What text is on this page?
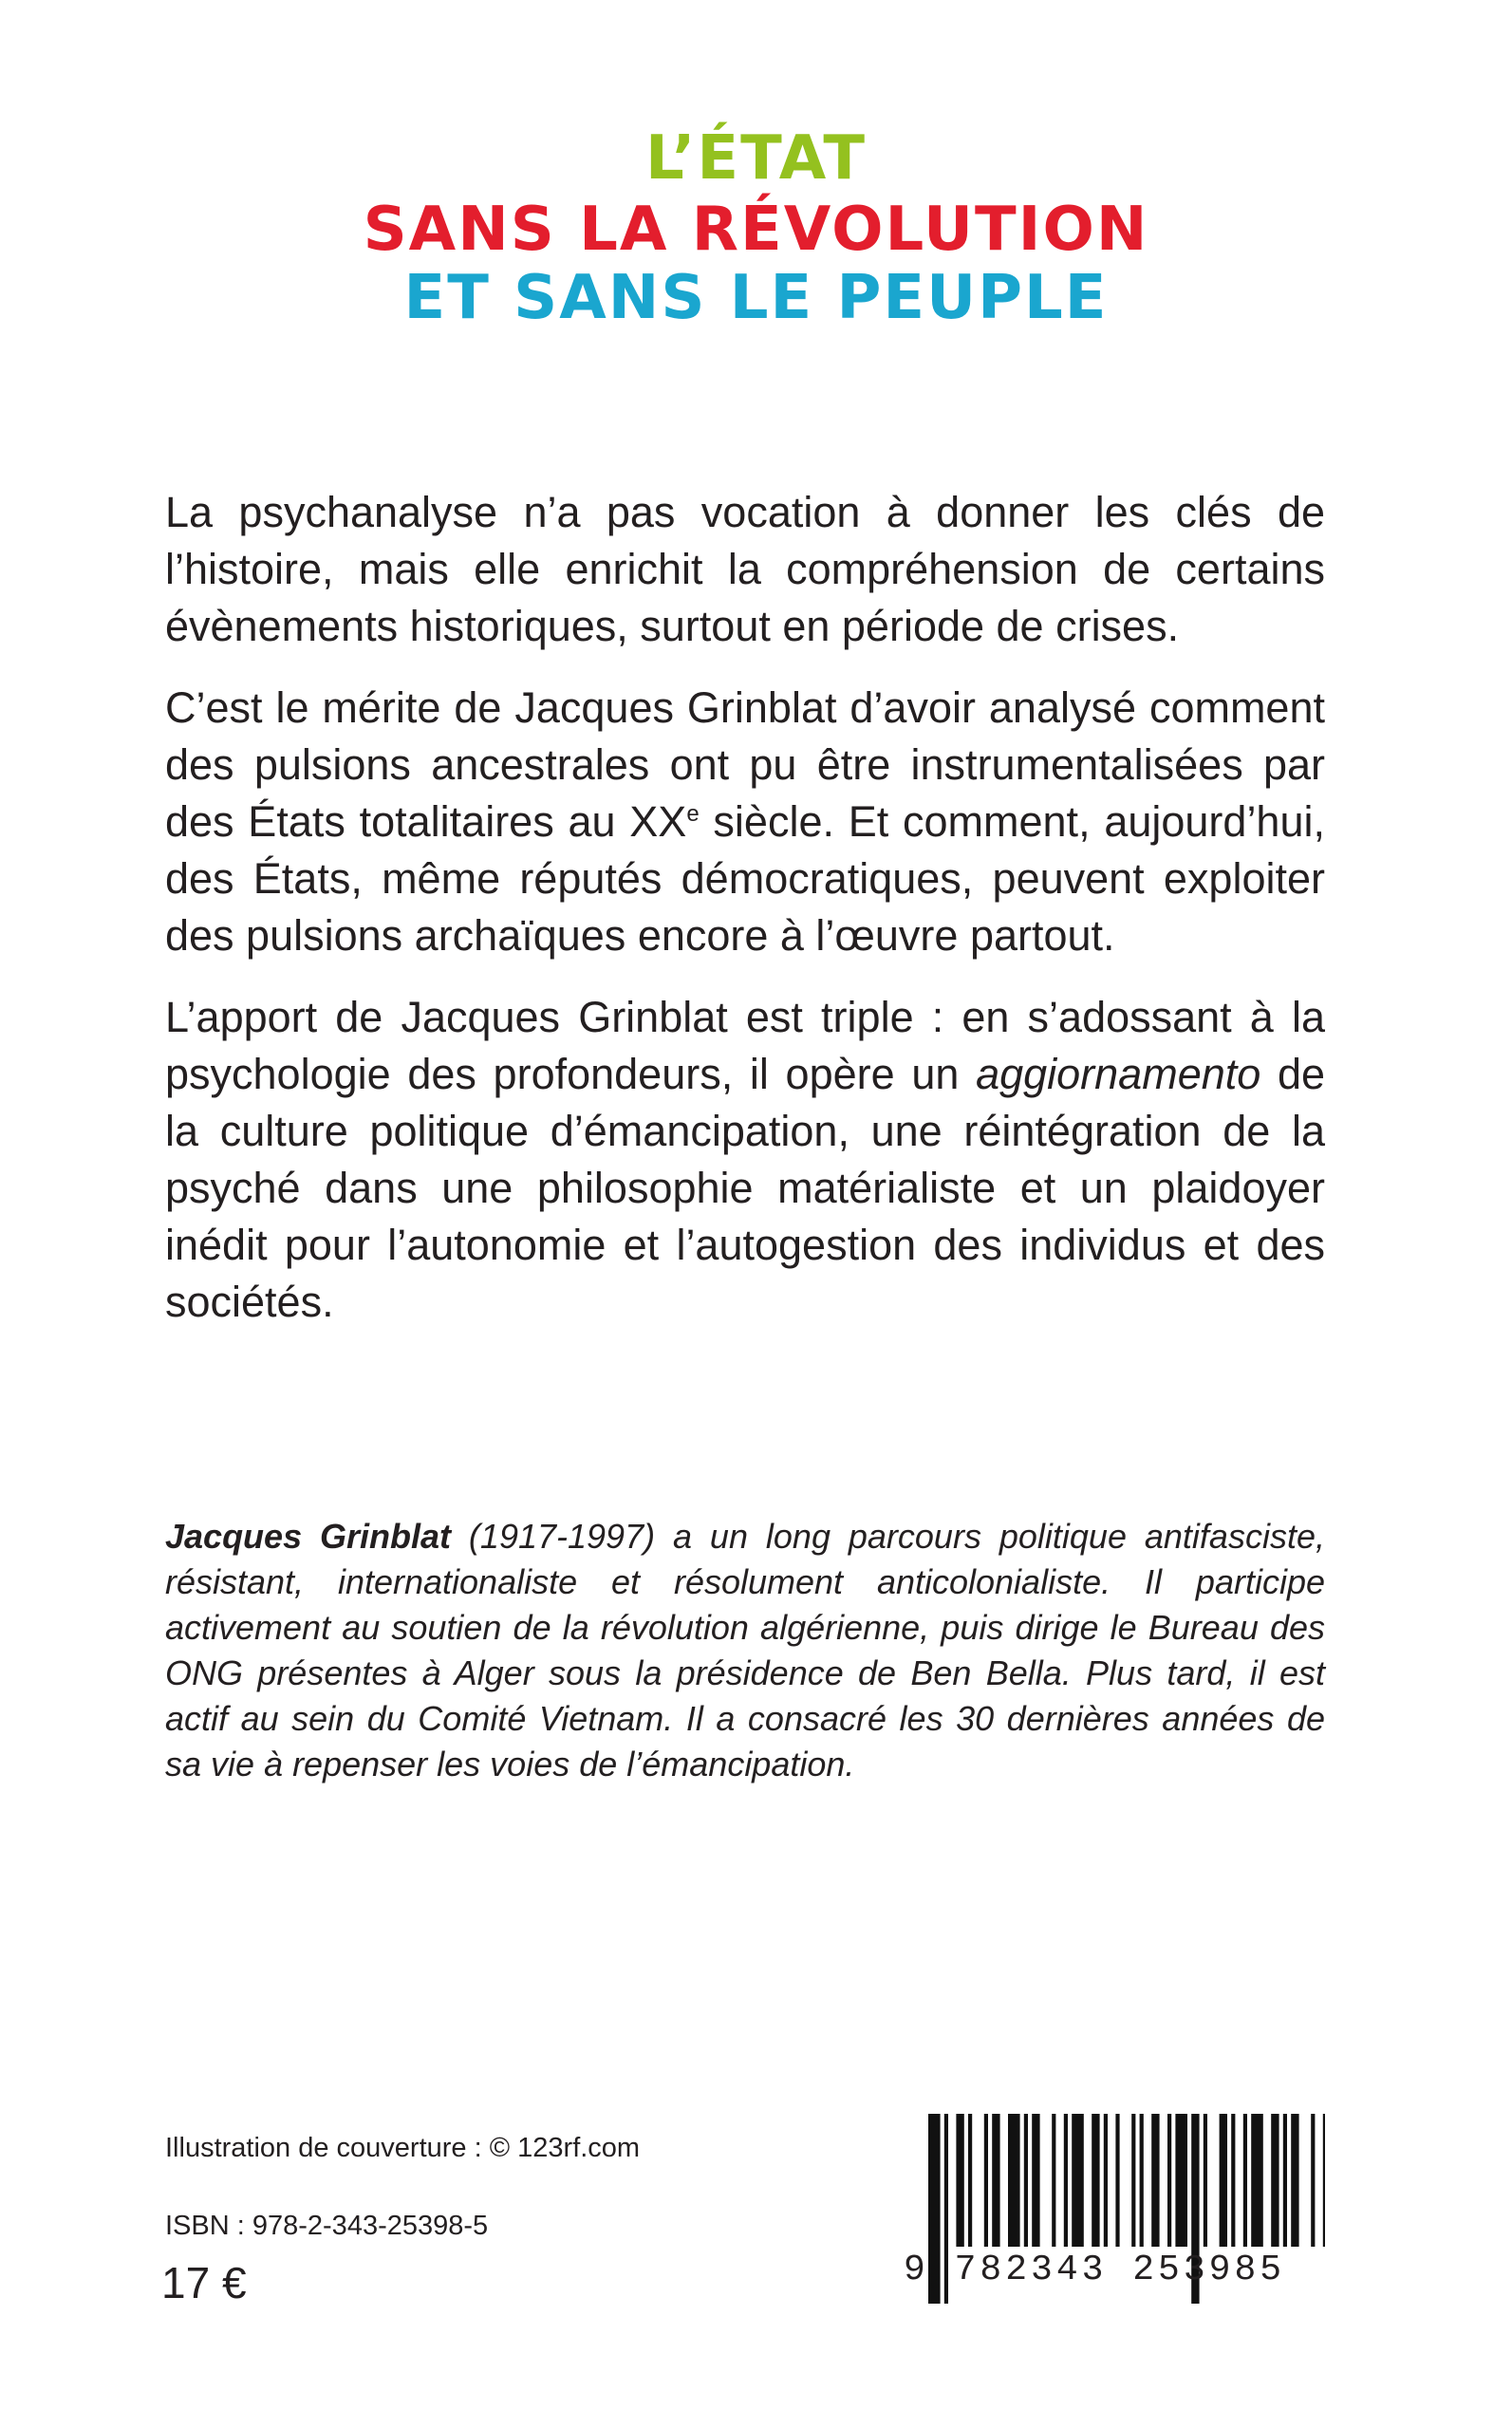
L’ÉTAT
SANS LA RÉVOLUTION
ET SANS LE PEUPLE

La psychanalyse n’a pas vocation à donner les clés de l’histoire, mais elle enrichit la compréhension de certains évènements historiques, surtout en période de crises.

C’est le mérite de Jacques Grinblat d’avoir analysé comment des pulsions ancestrales ont pu être instrumentalisées par des États totalitaires au XXe siècle. Et comment, aujourd’hui, des États, même réputés démocratiques, peuvent exploiter des pulsions archaïques encore à l’œuvre partout.

L’apport de Jacques Grinblat est triple : en s’adossant à la psychologie des profondeurs, il opère un aggiornamento de la culture politique d’émancipation, une réintégration de la psyché dans une philosophie matérialiste et un plaidoyer inédit pour l’autonomie et l’autogestion des individus et des sociétés.

Jacques Grinblat (1917-1997) a un long parcours politique antifasciste, résistant, internationaliste et résolument anticolonialiste. Il participe activement au soutien de la révolution algérienne, puis dirige le Bureau des ONG présentes à Alger sous la présidence de Ben Bella. Plus tard, il est actif au sein du Comité Vietnam. Il a consacré les 30 dernières années de sa vie à repenser les voies de l’émancipation.
Illustration de couverture : © 123rf.com
ISBN : 978-2-343-25398-5
17 €	9 782343 253985
